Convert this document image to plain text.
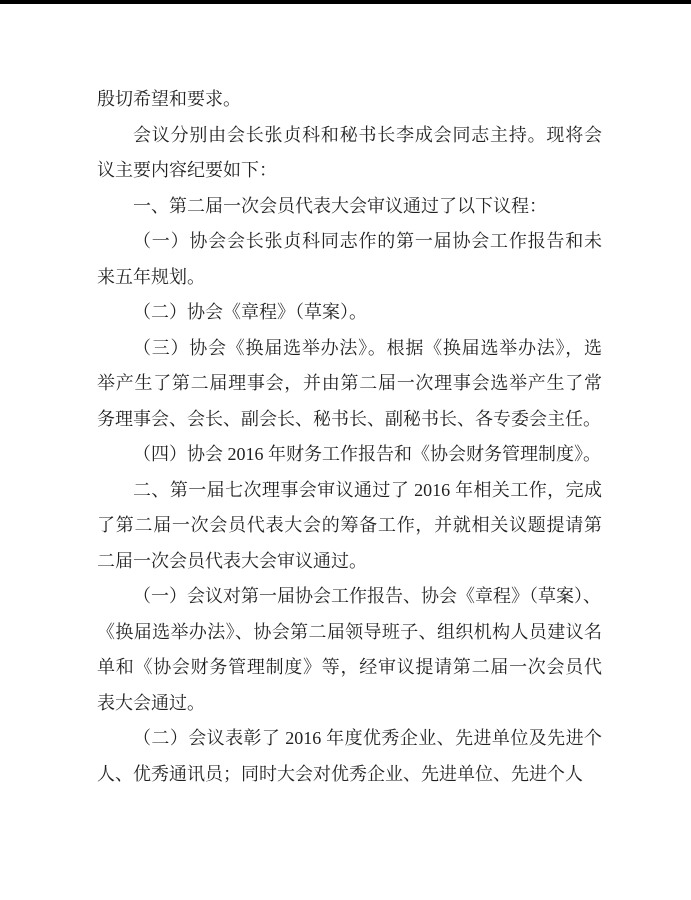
殷切希望和要求。
会议分别由会长张贞科和秘书长李成会同志主持。现将会
议主要内容纪要如下：
一、第二届一次会员代表大会审议通过了以下议程：
（一）协会会长张贞科同志作的第一届协会工作报告和未
来五年规划。
（二）协会《章程》（草案）。
（三）协会《换届选举办法》。根据《换届选举办法》，选
举产生了第二届理事会，并由第二届一次理事会选举产生了常
务理事会、会长、副会长、秘书长、副秘书长、各专委会主任。
（四）协会 2016 年财务工作报告和《协会财务管理制度》。
二、第一届七次理事会审议通过了 2016 年相关工作，完成
了第二届一次会员代表大会的筹备工作，并就相关议题提请第
二届一次会员代表大会审议通过。
（一）会议对第一届协会工作报告、协会《章程》（草案）、
《换届选举办法》、协会第二届领导班子、组织机构人员建议名
单和《协会财务管理制度》等，经审议提请第二届一次会员代
表大会通过。
（二）会议表彰了 2016 年度优秀企业、先进单位及先进个
人、优秀通讯员；同时大会对优秀企业、先进单位、先进个人
